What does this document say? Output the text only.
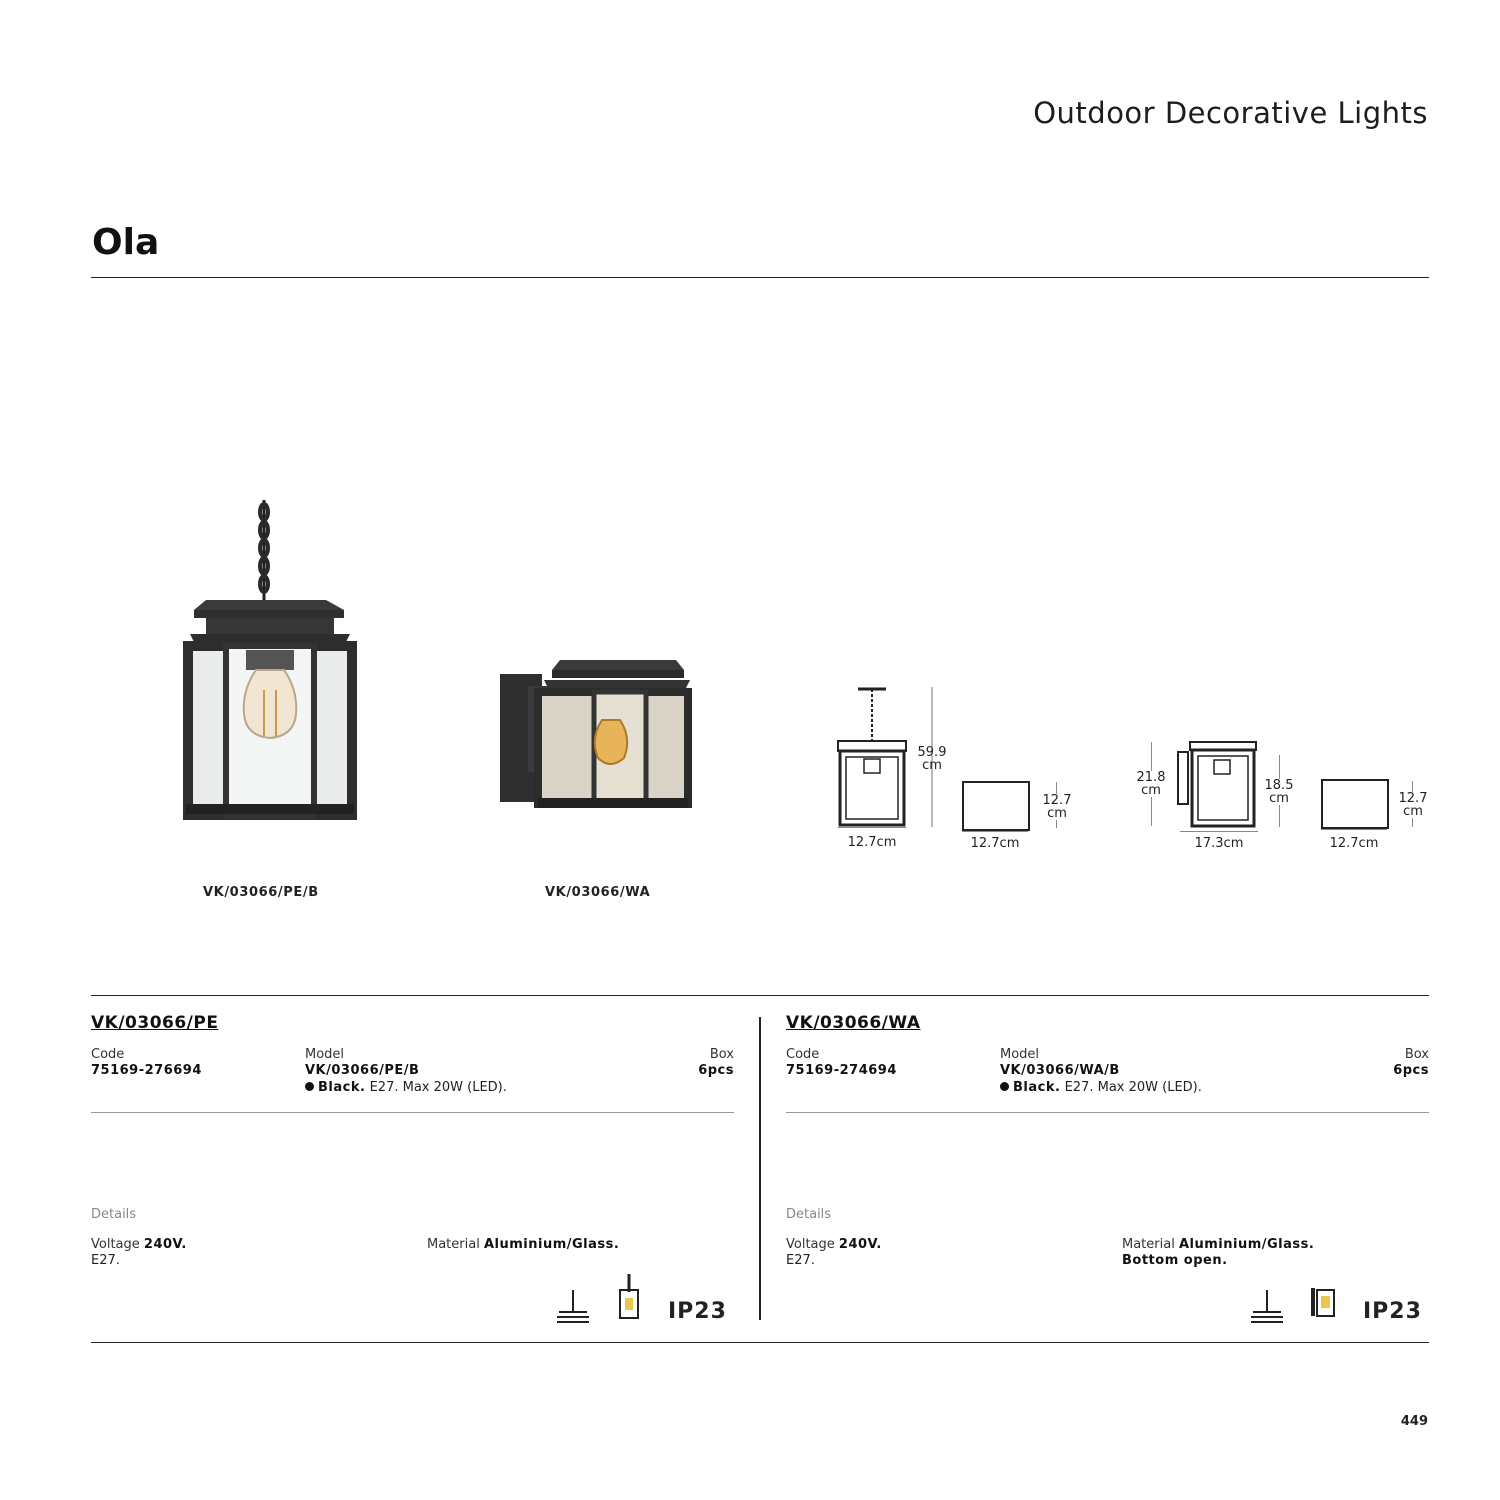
Outdoor Decorative Lights
Ola
VK/03066/PE/B	VK/03066/WA
59.9
cm
12.7cm	12.7cm
12.7
cm
21.8
cm	18.5
cm
17.3cm	12.7cm
12.7
cm
VK/03066/PE
Code
75169-276694
Model
VK/03066/PE/B
Black. E27. Max 20W (LED).
Box
6pcs
Details
Voltage 240V.
E27.
Material Aluminium/Glass.
IP23
VK/03066/WA
Code
75169-274694
Model
VK/03066/WA/B
Black. E27. Max 20W (LED).
Box
6pcs
Details
Voltage 240V.
E27.
Material Aluminium/Glass.
Bottom open.
IP23
449
